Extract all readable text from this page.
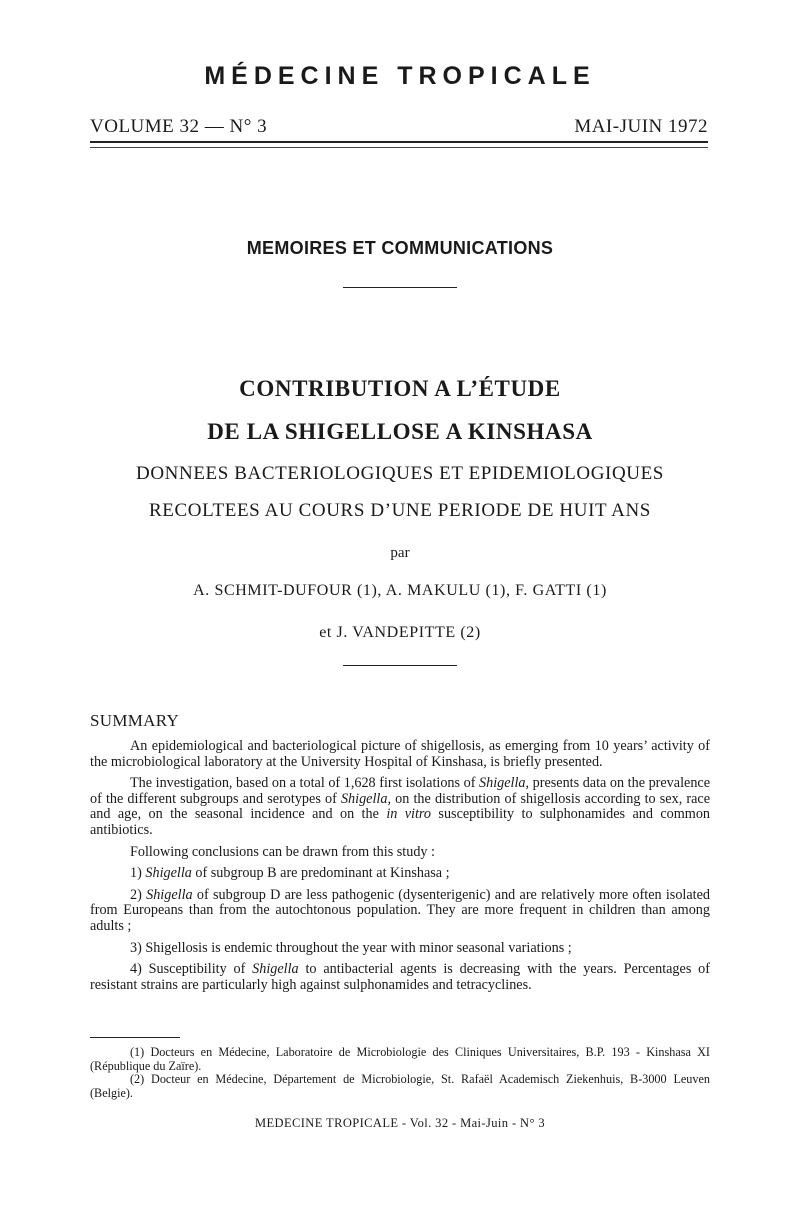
MÉDECINE TROPICALE
VOLUME 32 — N° 3	MAI-JUIN 1972
MEMOIRES ET COMMUNICATIONS
CONTRIBUTION A L’ÉTUDE
DE LA SHIGELLOSE A KINSHASA
DONNEES BACTERIOLOGIQUES ET EPIDEMIOLOGIQUES
RECOLTEES AU COURS D’UNE PERIODE DE HUIT ANS
par
A. SCHMIT-DUFOUR (1), A. MAKULU (1), F. GATTI (1)
et J. VANDEPITTE (2)
SUMMARY

An epidemiological and bacteriological picture of shigellosis, as emerging from 10 years’ activity of the microbiological laboratory at the University Hospital of Kinshasa, is briefly presented.

The investigation, based on a total of 1,628 first isolations of Shigella, presents data on the prevalence of the different subgroups and serotypes of Shigella, on the distribution of shigellosis according to sex, race and age, on the seasonal incidence and on the in vitro susceptibility to sulphonamides and common antibiotics.

Following conclusions can be drawn from this study :

1) Shigella of subgroup B are predominant at Kinshasa ;

2) Shigella of subgroup D are less pathogenic (dysenterigenic) and are relatively more often isolated from Europeans than from the autochtonous population. They are more frequent in children than among adults ;

3) Shigellosis is endemic throughout the year with minor seasonal variations ;

4) Susceptibility of Shigella to antibacterial agents is decreasing with the years. Percentages of resistant strains are particularly high against sulphonamides and tetracyclines.

(1) Docteurs en Médecine, Laboratoire de Microbiologie des Cliniques Universitaires, B.P. 193 - Kinshasa XI (République du Zaïre).

(2) Docteur en Médecine, Département de Microbiologie, St. Rafaël Academisch Ziekenhuis, B-3000 Leuven (Belgie).

MEDECINE TROPICALE - Vol. 32 - Mai-Juin - N° 3
